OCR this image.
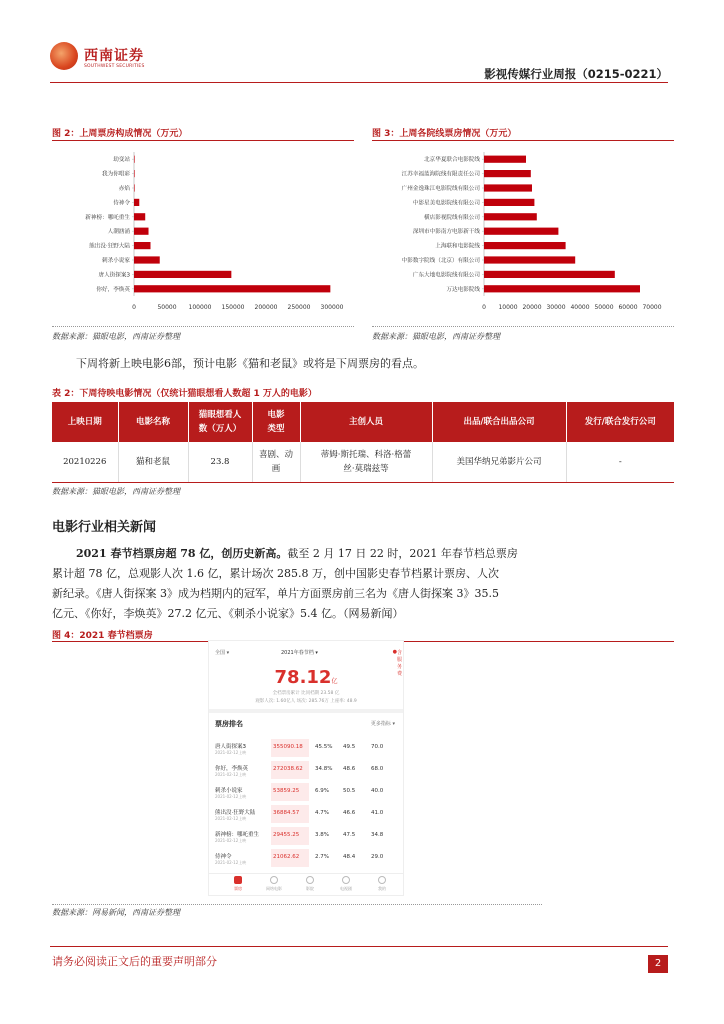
西南证券
SOUTHWEST SECURITIES
影视传媒行业周报（0215-0221）
图 2：上周票房构成情况（万元）
你好，李焕英
唐人街探案3
刺杀小说家
熊出没·狂野大陆
人潮汹涌
新神榜：哪吒重生
侍神令
赤焰
我为你唱彩
劫变站
0	50000 100000 150000 200000 250000 300000
数据来源：猫眼电影，西南证券整理
图 3：上周各院线票房情况（万元）
万达电影院线
广东大地电影院线有限公司
中影数字院线（北京）有限公司
上海联和电影院线
深圳市中影南方电影新干线
横店影视院线有限公司
中影星美电影院线有限公司
广州金逸珠江电影院线有限公司
江苏幸福蓝海院线有限责任公司
北京华夏联合电影院线
0 10000 20000 30000 40000 50000 60000 70000
数据来源：猫眼电影，西南证券整理
下周将新上映电影6部，预计电影《猫和老鼠》或将是下周票房的看点。
表 2：下周待映电影情况（仅统计猫眼想看人数超 1 万人的电影）
上映日期	电影名称	猫眼想看人
数（万人）	电影
类型	主创人员	出品/联合出品公司	发行/联合发行公司
20210226	猫和老鼠	23.8	喜剧、动画	蒂姆·斯托瑞、科洛·格蕾
丝·莫瑞兹等	美国华纳兄弟影片公司	-
数据来源：猫眼电影，西南证券整理
电影行业相关新闻
2021 春节档票房超 78 亿，创历史新高。截至 2 月 17 日 22 时，2021 年春节档总票房
累计超 78 亿，总观影人次 1.6 亿，累计场次 285.8 万，创中国影史春节档累计票房、人次
新纪录。《唐人街探案 3》成为档期内的冠军，单片方面票房前三名为《唐人街探案 3》35.5
亿元、《你好，李焕英》27.2 亿元、《刺杀小说家》5.4 亿。（网易新闻）
图 4：2021 春节档票房
全国 ▾	2021年春节档 ▾	● 含服务费
78.12亿
全档票房累计 比同档期 23.58 亿
观影人次: 1.60亿人 场次: 285.76万 上座率: 48.9
票房排名	更多指标 ▾
唐人街探案3
2021-02-12上映
355090.18 45.5% 49.5	70.0
你好，李焕英
2021-02-12上映
272038.62 34.8% 48.6	68.0
刺杀小说家
2021-02-12上映
53859.25	6.9%	50.5	40.0
熊出没·狂野大陆
2021-02-12上映
36884.57	4.7%	46.6	41.0
新神榜：哪吒重生
2021-02-12上映
29455.25	3.8%	47.5	34.8
侍神令
2021-02-12上映
21062.62	2.7%	48.4	29.0
票房	网络电影	影院	电视剧	我的
数据来源：网易新闻，西南证券整理
请务必阅读正文后的重要声明部分	2
